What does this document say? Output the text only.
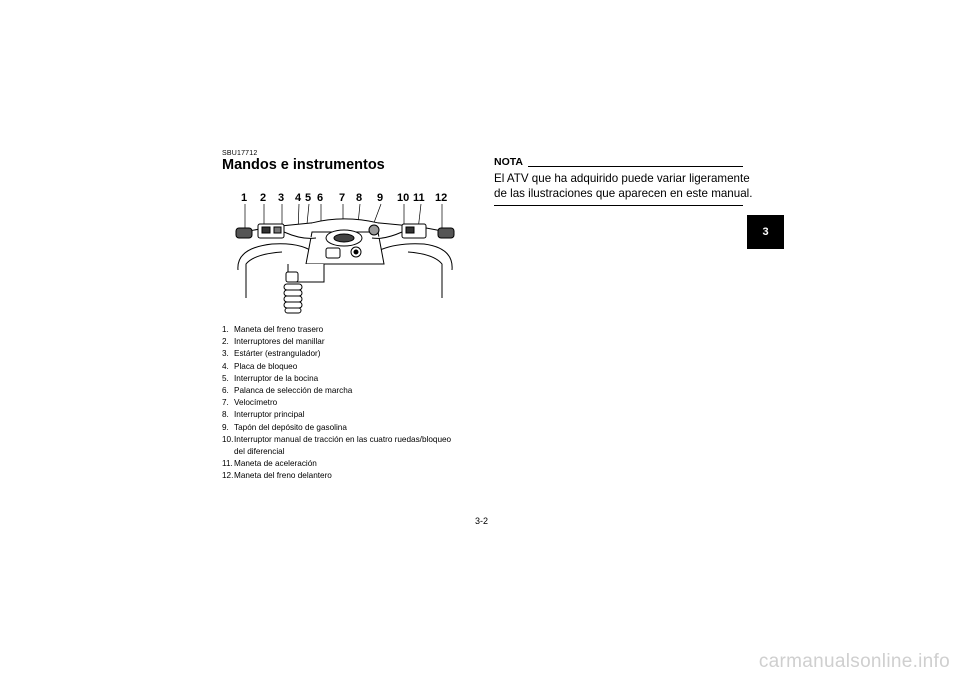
SBU17712
Mandos e instrumentos
1 2 3 4 5 6 7 8 9 10 11 12
1. Maneta del freno trasero
2. Interruptores del manillar
3. Estárter (estrangulador)
4. Placa de bloqueo
5. Interruptor de la bocina
6. Palanca de selección de marcha
7. Velocímetro
8. Interruptor principal
9. Tapón del depósito de gasolina
10. Interruptor manual de tracción en las cuatro ruedas/bloqueo del diferencial
11. Maneta de aceleración
12. Maneta del freno delantero
NOTA
El ATV que ha adquirido puede variar ligeramente
de las ilustraciones que aparecen en este manual.
3
3-2
carmanualsonline.info
